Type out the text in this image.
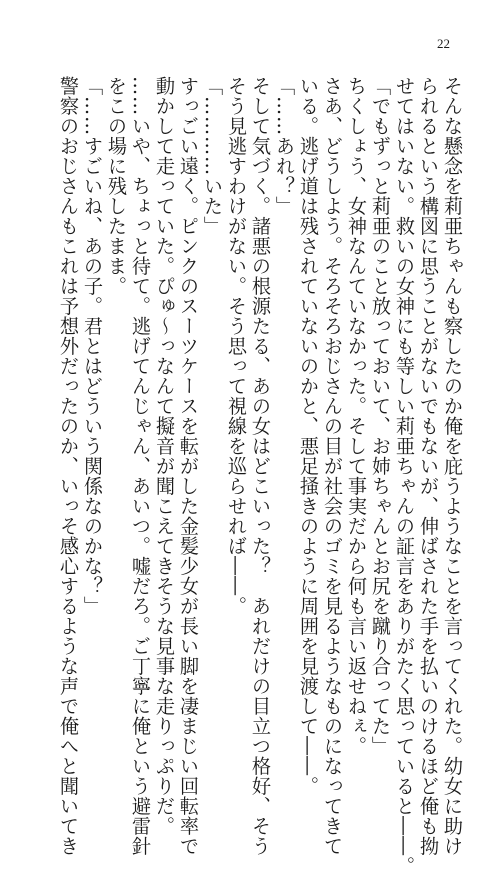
22
そんな懸念を莉亜ちゃんも察したのか俺を庇うようなことを言ってくれた。幼女に助け
られるという構図に思うことがないでもないが、伸ばされた手を払いのけるほど俺も拗
せてはいない。救いの女神にも等しい莉亜ちゃんの証言をありがたく思っていると――。
「でもずっと莉亜のこと放っておいて、お姉ちゃんとお尻を蹴り合ってた」
ちくしょう、女神なんていなかった。そして事実だから何も言い返せねぇ。
さあ、どうしよう。そろそろおじさんの目が社会のゴミを見るようなものになってきて
いる。逃げ道は残されていないのかと、悪足掻きのように周囲を見渡して――。
「……あれ？」
そして気づく。諸悪の根源たる、あの女はどこいった？　あれだけの目立つ格好、そう
そう見逃すわけがない。そう思って視線を巡らせれば――。
「…………いた」
すっごい遠く。ピンクのスーツケースを転がした金髪少女が長い脚を凄まじい回転率で
動かして走っていた。ぴゅ～っなんて擬音が聞こえてきそうな見事な走りっぷりだ。
……いや、ちょっと待て。逃げてんじゃん、あいつ。嘘だろ。ご丁寧に俺という避雷針
をこの場に残したまま。
「……すごいね、あの子。君とはどういう関係なのかな？」
警察のおじさんもこれは予想外だったのか、いっそ感心するような声で俺へと聞いてき
